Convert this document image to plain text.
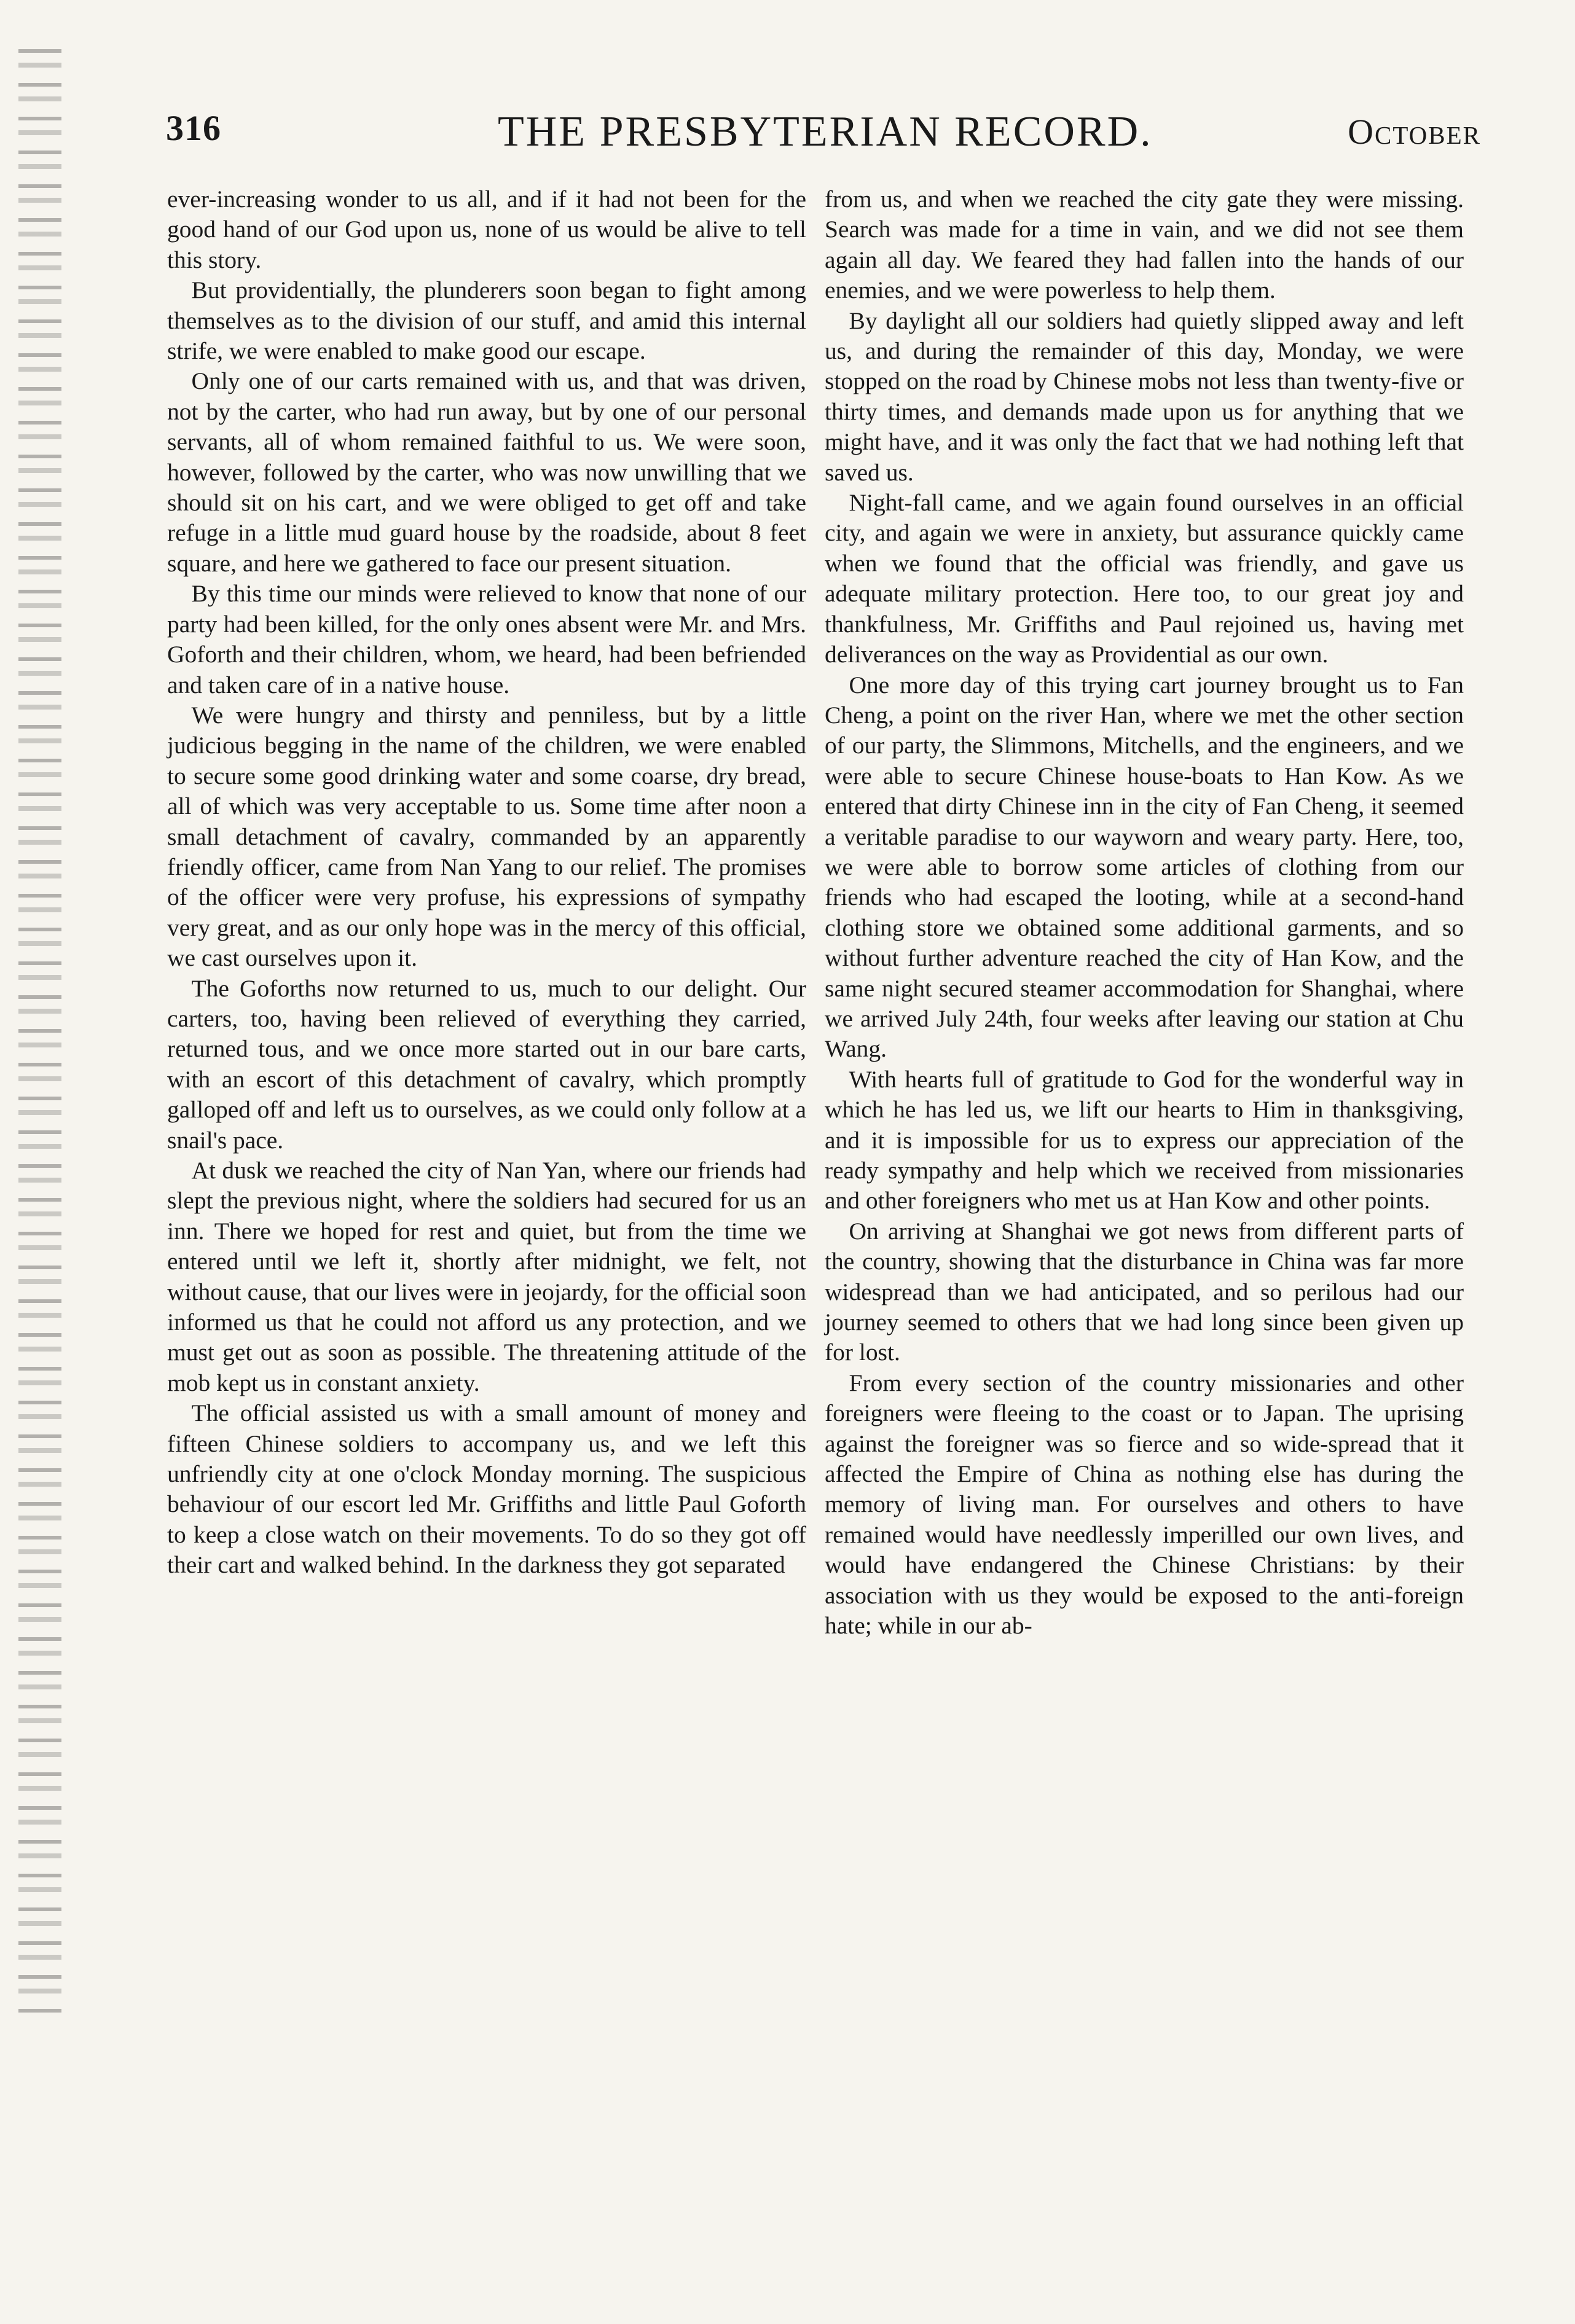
316	THE PRESBYTERIAN RECORD.	October

ever-increasing wonder to us all, and if it had not been for the good hand of our God upon us, none of us would be alive to tell this story.

But providentially, the plunderers soon began to fight among themselves as to the division of our stuff, and amid this internal strife, we were enabled to make good our escape.

Only one of our carts remained with us, and that was driven, not by the carter, who had run away, but by one of our personal servants, all of whom remained faithful to us. We were soon, however, followed by the carter, who was now unwilling that we should sit on his cart, and we were obliged to get off and take refuge in a little mud guard house by the roadside, about 8 feet square, and here we gathered to face our present situation.

By this time our minds were relieved to know that none of our party had been killed, for the only ones absent were Mr. and Mrs. Goforth and their children, whom, we heard, had been befriended and taken care of in a native house.

We were hungry and thirsty and penniless, but by a little judicious begging in the name of the children, we were enabled to secure some good drinking water and some coarse, dry bread, all of which was very acceptable to us. Some time after noon a small detachment of cavalry, commanded by an apparently friendly officer, came from Nan Yang to our relief. The promises of the officer were very profuse, his expressions of sympathy very great, and as our only hope was in the mercy of this official, we cast ourselves upon it.

The Goforths now returned to us, much to our delight. Our carters, too, having been relieved of everything they carried, returned tous, and we once more started out in our bare carts, with an escort of this detachment of cavalry, which promptly galloped off and left us to ourselves, as we could only follow at a snail's pace.

At dusk we reached the city of Nan Yan, where our friends had slept the previous night, where the soldiers had secured for us an inn. There we hoped for rest and quiet, but from the time we entered until we left it, shortly after midnight, we felt, not without cause, that our lives were in jeojardy, for the official soon informed us that he could not afford us any protection, and we must get out as soon as possible. The threatening attitude of the mob kept us in constant anxiety.

The official assisted us with a small amount of money and fifteen Chinese soldiers to accompany us, and we left this unfriendly city at one o'clock Monday morning. The suspicious behaviour of our escort led Mr. Griffiths and little Paul Goforth to keep a close watch on their movements. To do so they got off their cart and walked behind. In the darkness they got separated

from us, and when we reached the city gate they were missing. Search was made for a time in vain, and we did not see them again all day. We feared they had fallen into the hands of our enemies, and we were powerless to help them.

By daylight all our soldiers had quietly slipped away and left us, and during the remainder of this day, Monday, we were stopped on the road by Chinese mobs not less than twenty-five or thirty times, and demands made upon us for anything that we might have, and it was only the fact that we had nothing left that saved us.

Night-fall came, and we again found ourselves in an official city, and again we were in anxiety, but assurance quickly came when we found that the official was friendly, and gave us adequate military protection. Here too, to our great joy and thankfulness, Mr. Griffiths and Paul rejoined us, having met deliverances on the way as Providential as our own.

One more day of this trying cart journey brought us to Fan Cheng, a point on the river Han, where we met the other section of our party, the Slimmons, Mitchells, and the engineers, and we were able to secure Chinese house-boats to Han Kow. As we entered that dirty Chinese inn in the city of Fan Cheng, it seemed a veritable paradise to our wayworn and weary party. Here, too, we were able to borrow some articles of clothing from our friends who had escaped the looting, while at a second-hand clothing store we obtained some additional garments, and so without further adventure reached the city of Han Kow, and the same night secured steamer accommodation for Shanghai, where we arrived July 24th, four weeks after leaving our station at Chu Wang.

With hearts full of gratitude to God for the wonderful way in which he has led us, we lift our hearts to Him in thanksgiving, and it is impossible for us to express our appreciation of the ready sympathy and help which we received from missionaries and other foreigners who met us at Han Kow and other points.

On arriving at Shanghai we got news from different parts of the country, showing that the disturbance in China was far more widespread than we had anticipated, and so perilous had our journey seemed to others that we had long since been given up for lost.

From every section of the country missionaries and other foreigners were fleeing to the coast or to Japan. The uprising against the foreigner was so fierce and so wide-spread that it affected the Empire of China as nothing else has during the memory of living man. For ourselves and others to have remained would have needlessly imperilled our own lives, and would have endangered the Chinese Christians: by their association with us they would be exposed to the anti-foreign hate; while in our ab-
